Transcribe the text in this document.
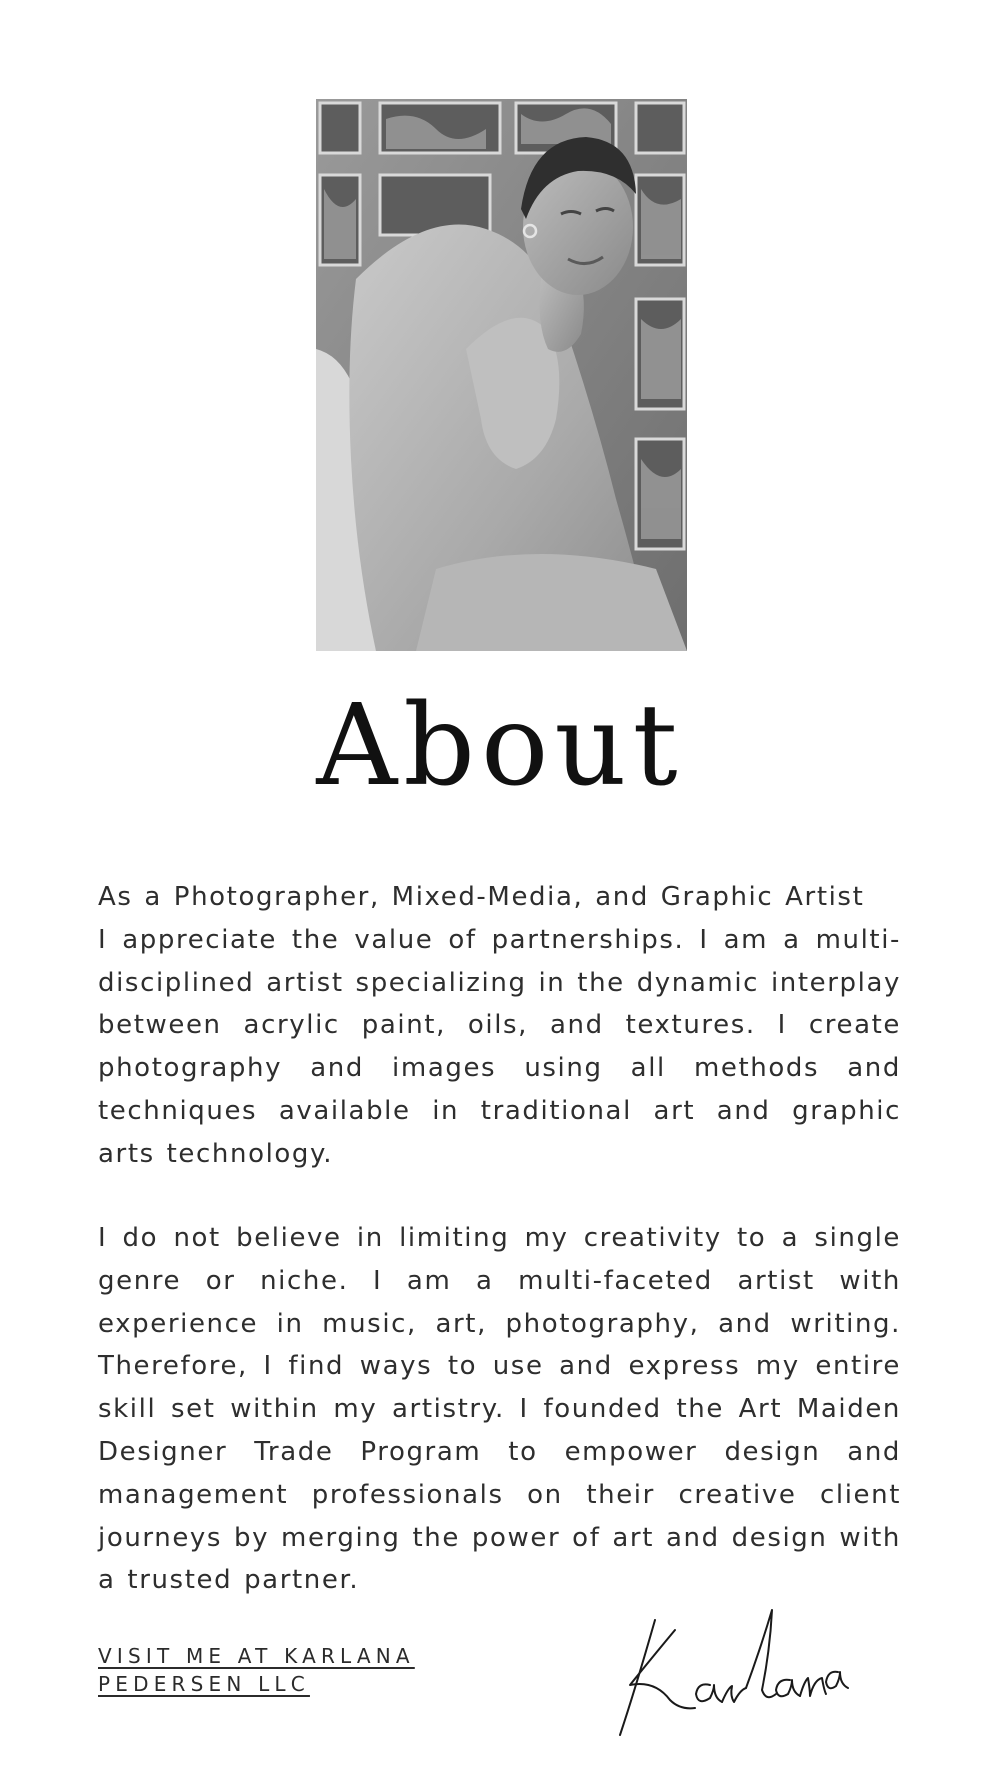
About
As a Photographer, Mixed-Media, and Graphic Artist
I appreciate the value of partnerships. I am a multi-
disciplined artist specializing in the dynamic interplay
between acrylic paint, oils, and textures. I create
photography and images using all methods and
techniques available in traditional art and graphic
arts technology.
I do not believe in limiting my creativity to a single
genre or niche. I am a multi-faceted artist with
experience in music, art, photography, and writing.
Therefore, I find ways to use and express my entire
skill set within my artistry. I founded the Art Maiden
Designer Trade Program to empower design and
management professionals on their creative client
journeys by merging the power of art and design with
a trusted partner.
VISIT ME AT KARLANA
PEDERSEN LLC
